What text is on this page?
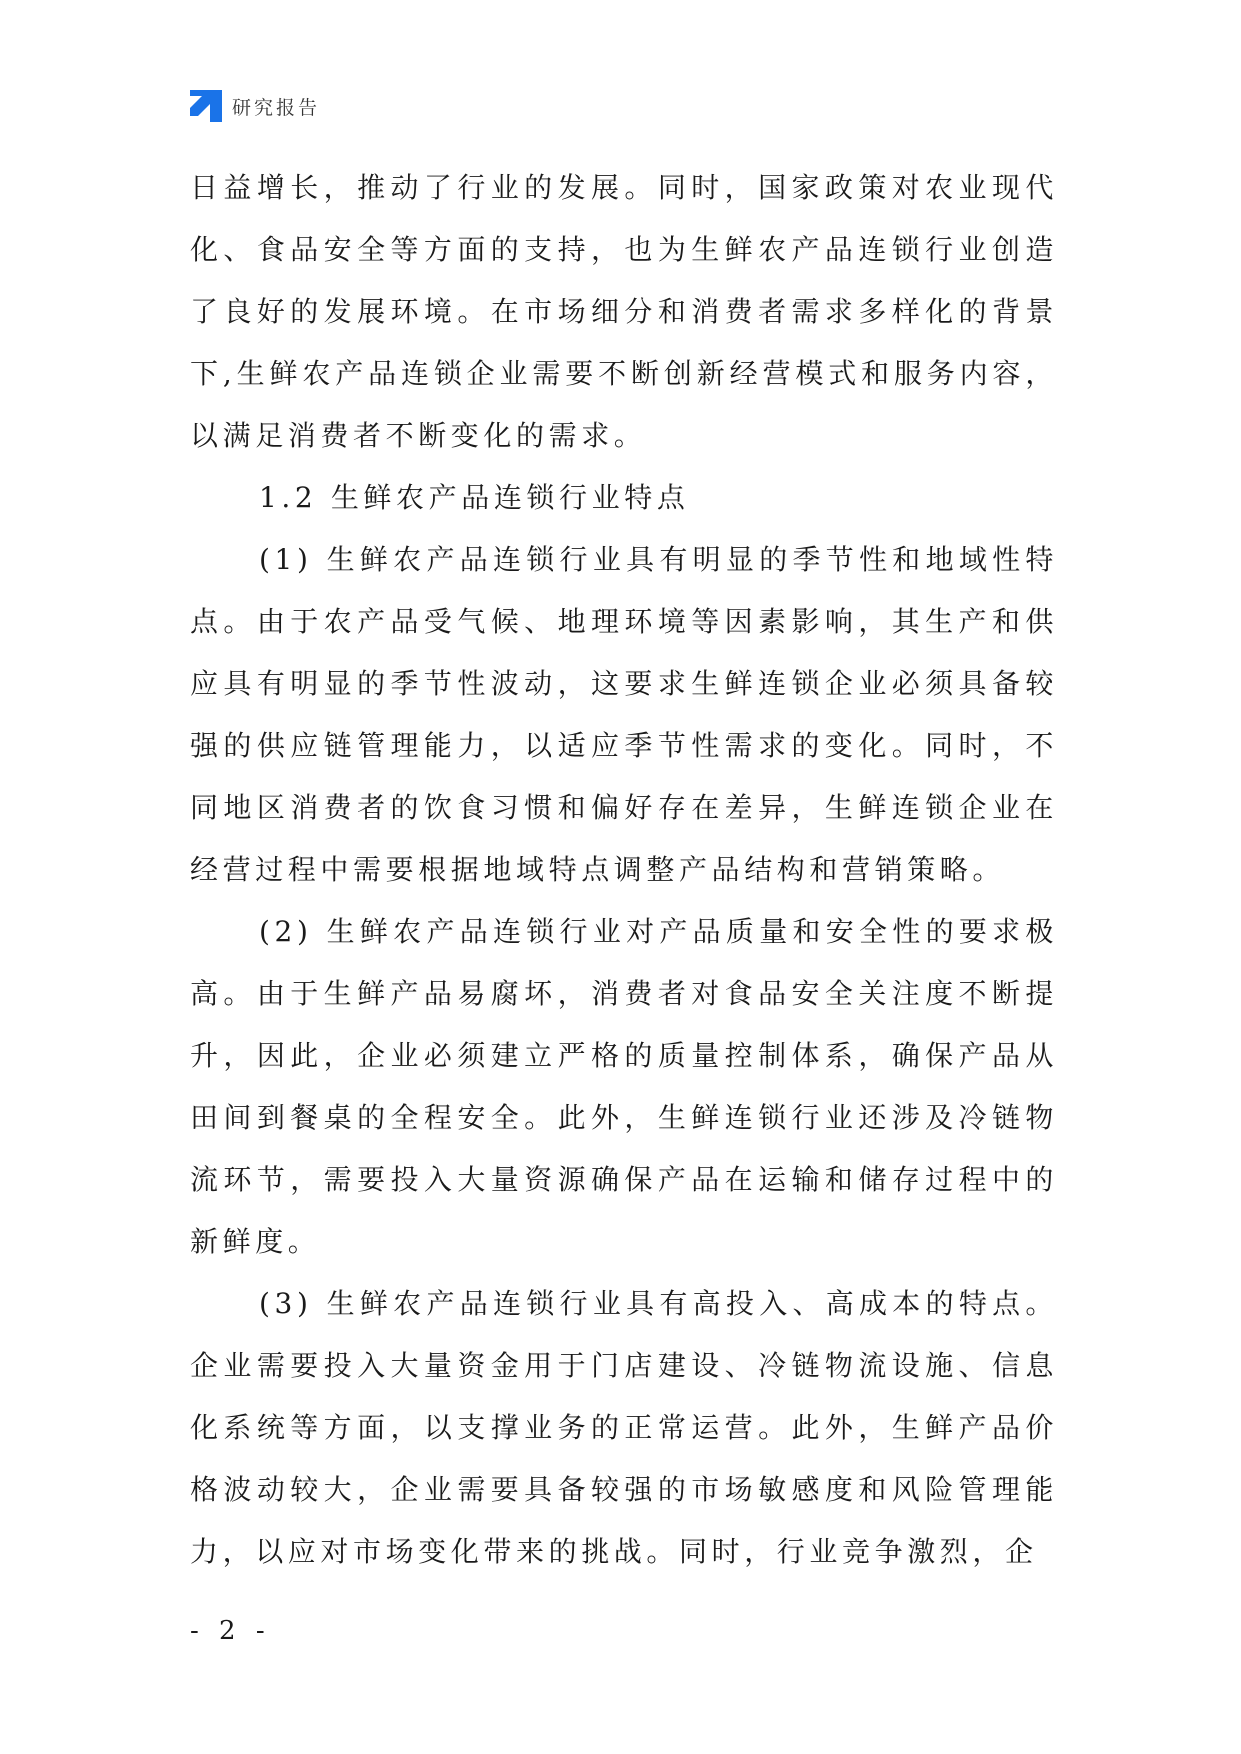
研究报告

日益增长，推动了行业的发展。同时，国家政策对农业现代化、食品安全等方面的支持，也为生鲜农产品连锁行业创造了良好的发展环境。在市场细分和消费者需求多样化的背景下,生鲜农产品连锁企业需要不断创新经营模式和服务内容，以满足消费者不断变化的需求。

1.2 生鲜农产品连锁行业特点

(1) 生鲜农产品连锁行业具有明显的季节性和地域性特点。由于农产品受气候、地理环境等因素影响，其生产和供应具有明显的季节性波动，这要求生鲜连锁企业必须具备较强的供应链管理能力，以适应季节性需求的变化。同时，不同地区消费者的饮食习惯和偏好存在差异，生鲜连锁企业在经营过程中需要根据地域特点调整产品结构和营销策略。

(2) 生鲜农产品连锁行业对产品质量和安全性的要求极高。由于生鲜产品易腐坏，消费者对食品安全关注度不断提升，因此，企业必须建立严格的质量控制体系，确保产品从田间到餐桌的全程安全。此外，生鲜连锁行业还涉及冷链物流环节，需要投入大量资源确保产品在运输和储存过程中的新鲜度。

(3) 生鲜农产品连锁行业具有高投入、高成本的特点。企业需要投入大量资金用于门店建设、冷链物流设施、信息化系统等方面，以支撑业务的正常运营。此外，生鲜产品价格波动较大，企业需要具备较强的市场敏感度和风险管理能力，以应对市场变化带来的挑战。同时，行业竞争激烈，企

- 2 -
